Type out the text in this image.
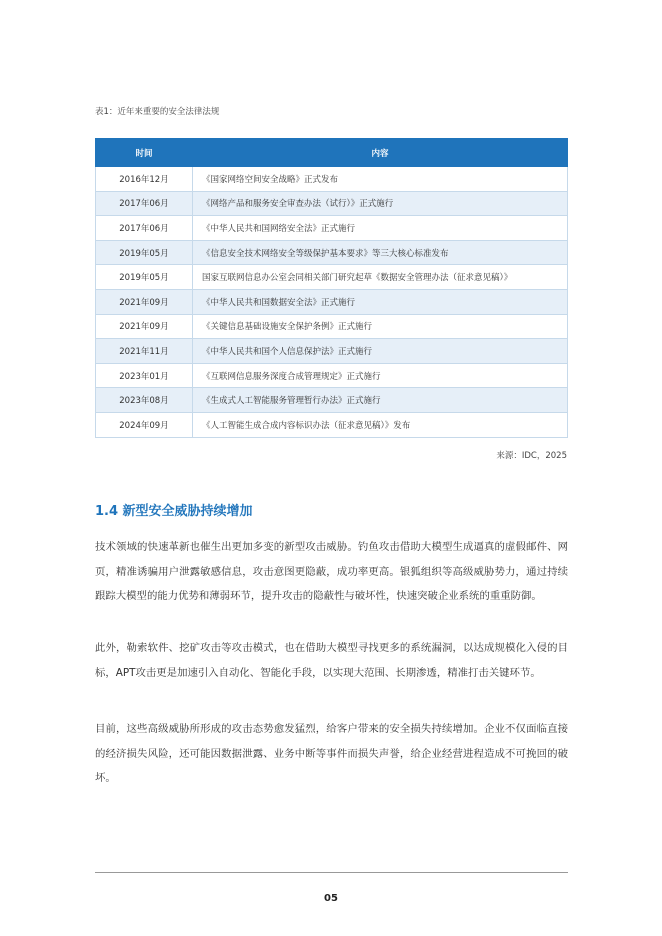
表1：近年来重要的安全法律法规
时间	内容
2016年12月	《国家网络空间安全战略》正式发布
2017年06月	《网络产品和服务安全审查办法（试行）》正式施行
2017年06月	《中华人民共和国网络安全法》正式施行
2019年05月	《信息安全技术网络安全等级保护基本要求》等三大核心标准发布
2019年05月	国家互联网信息办公室会同相关部门研究起草《数据安全管理办法（征求意见稿）》
2021年09月	《中华人民共和国数据安全法》正式施行
2021年09月	《关键信息基础设施安全保护条例》正式施行
2021年11月	《中华人民共和国个人信息保护法》正式施行
2023年01月	《互联网信息服务深度合成管理规定》正式施行
2023年08月	《生成式人工智能服务管理暂行办法》正式施行
2024年09月	《人工智能生成合成内容标识办法（征求意见稿）》发布
来源：IDC，2025
1.4 新型安全威胁持续增加

技术领域的快速革新也催生出更加多变的新型攻击威胁。钓鱼攻击借助大模型生成逼真的虚假邮件、网页，精准诱骗用户泄露敏感信息，攻击意图更隐蔽，成功率更高。银狐组织等高级威胁势力，通过持续跟踪大模型的能力优势和薄弱环节，提升攻击的隐蔽性与破坏性，快速突破企业系统的重重防御。

此外，勒索软件、挖矿攻击等攻击模式，也在借助大模型寻找更多的系统漏洞，以达成规模化入侵的目标，APT攻击更是加速引入自动化、智能化手段，以实现大范围、长期渗透，精准打击关键环节。

目前，这些高级威胁所形成的攻击态势愈发猛烈，给客户带来的安全损失持续增加。企业不仅面临直接的经济损失风险，还可能因数据泄露、业务中断等事件而损失声誉，给企业经营进程造成不可挽回的破坏。

05
